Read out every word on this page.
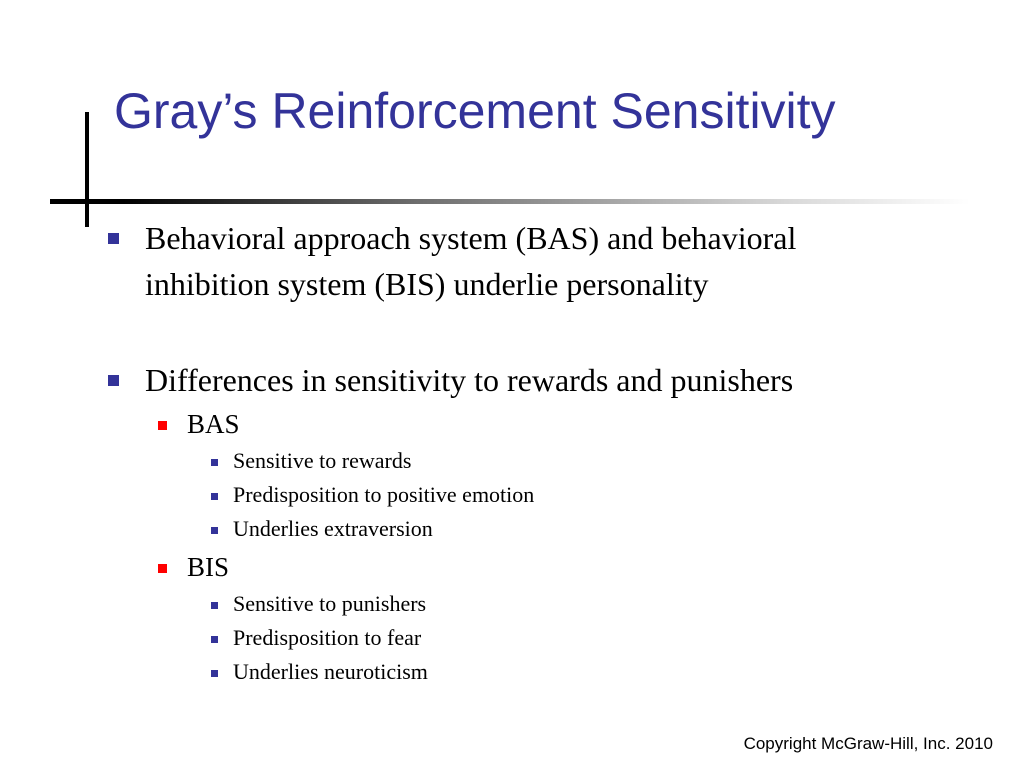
Gray’s Reinforcement Sensitivity
Behavioral approach system (BAS) and behavioral
inhibition system (BIS) underlie personality
Differences in sensitivity to rewards and punishers
BAS
Sensitive to rewards
Predisposition to positive emotion
Underlies extraversion
BIS
Sensitive to punishers
Predisposition to fear
Underlies neuroticism
Copyright McGraw-Hill, Inc. 2010
